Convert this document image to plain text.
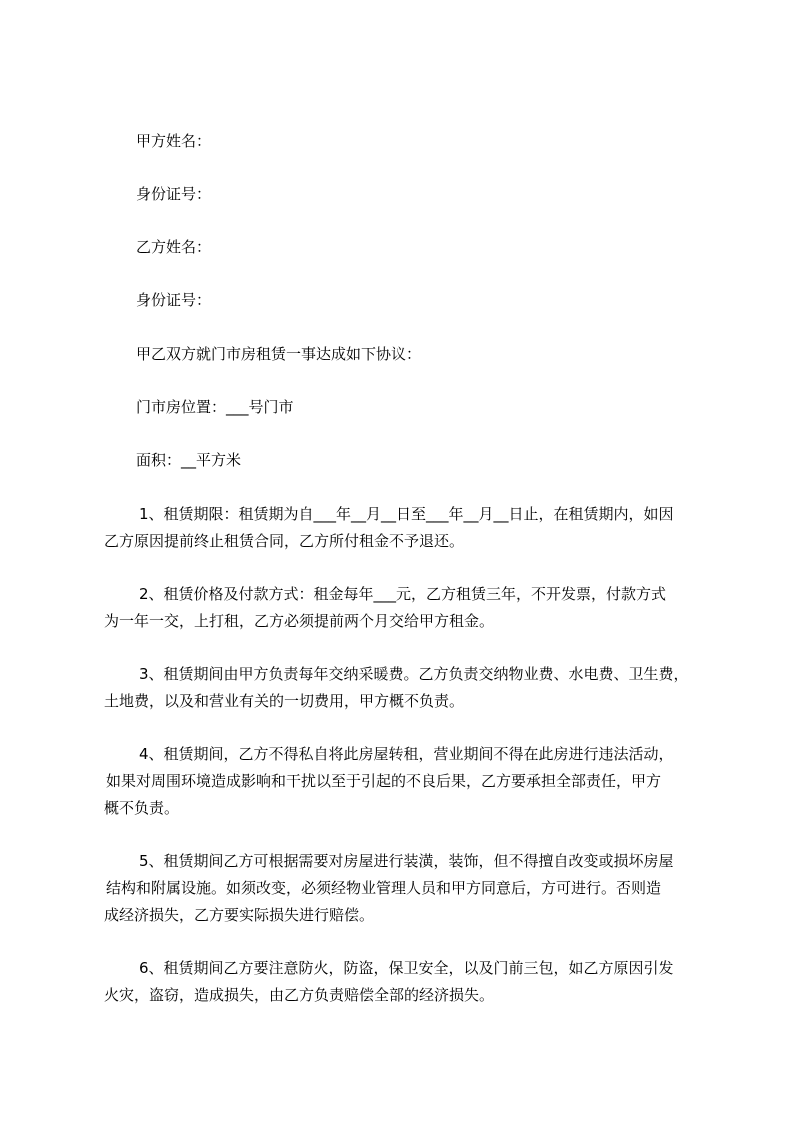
甲方姓名：
身份证号：
乙方姓名：
身份证号：
甲乙双方就门市房租赁一事达成如下协议：
门市房位置：___号门市
面积：__平方米
1、租赁期限：租赁期为自___年__月__日至___年__月__日止，在租赁期内，如因
乙方原因提前终止租赁合同，乙方所付租金不予退还。
2、租赁价格及付款方式：租金每年___元，乙方租赁三年，不开发票，付款方式
为一年一交，上打租，乙方必须提前两个月交给甲方租金。
3、租赁期间由甲方负责每年交纳采暖费。乙方负责交纳物业费、水电费、卫生费，
土地费，以及和营业有关的一切费用，甲方概不负责。
4、租赁期间，乙方不得私自将此房屋转租，营业期间不得在此房进行违法活动，
如果对周围环境造成影响和干扰以至于引起的不良后果，乙方要承担全部责任，甲方
概不负责。
5、租赁期间乙方可根据需要对房屋进行装潢，装饰，但不得擅自改变或损坏房屋
结构和附属设施。如须改变，必须经物业管理人员和甲方同意后，方可进行。否则造
成经济损失，乙方要实际损失进行赔偿。
6、租赁期间乙方要注意防火，防盗，保卫安全，以及门前三包，如乙方原因引发
火灾，盗窃，造成损失，由乙方负责赔偿全部的经济损失。
